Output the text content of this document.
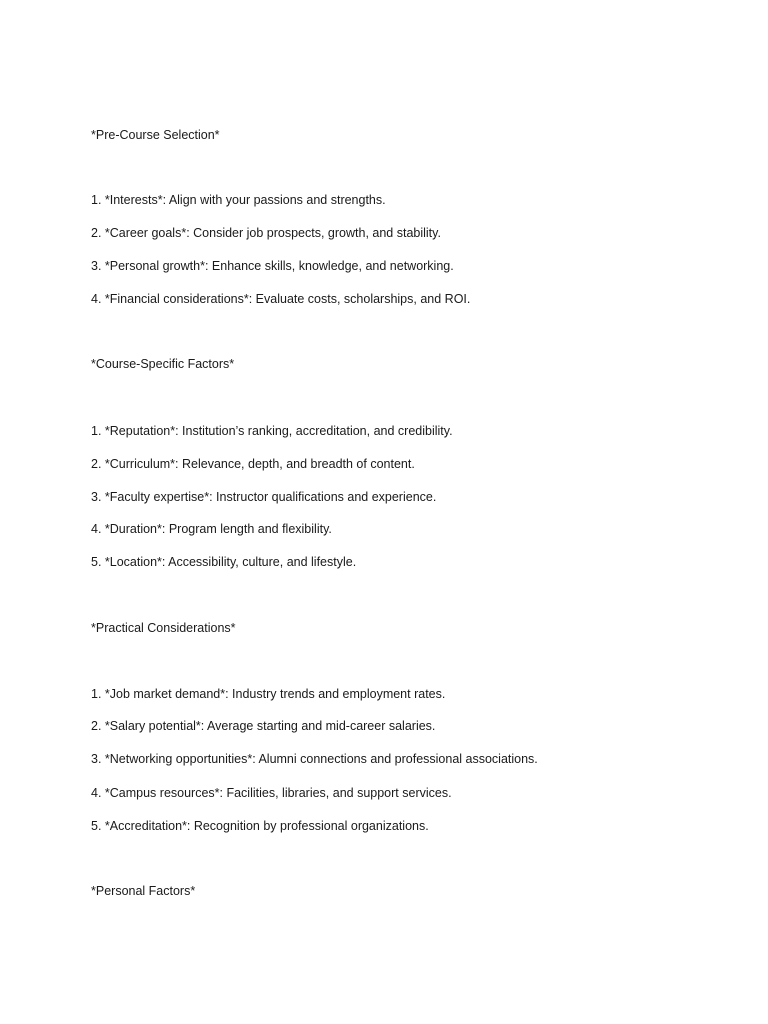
*Pre-Course Selection*
1. *Interests*: Align with your passions and strengths.
2. *Career goals*: Consider job prospects, growth, and stability.
3. *Personal growth*: Enhance skills, knowledge, and networking.
4. *Financial considerations*: Evaluate costs, scholarships, and ROI.
*Course-Specific Factors*
1. *Reputation*: Institution’s ranking, accreditation, and credibility.
2. *Curriculum*: Relevance, depth, and breadth of content.
3. *Faculty expertise*: Instructor qualifications and experience.
4. *Duration*: Program length and flexibility.
5. *Location*: Accessibility, culture, and lifestyle.
*Practical Considerations*
1. *Job market demand*: Industry trends and employment rates.
2. *Salary potential*: Average starting and mid-career salaries.
3. *Networking opportunities*: Alumni connections and professional associations.
4. *Campus resources*: Facilities, libraries, and support services.
5. *Accreditation*: Recognition by professional organizations.
*Personal Factors*
